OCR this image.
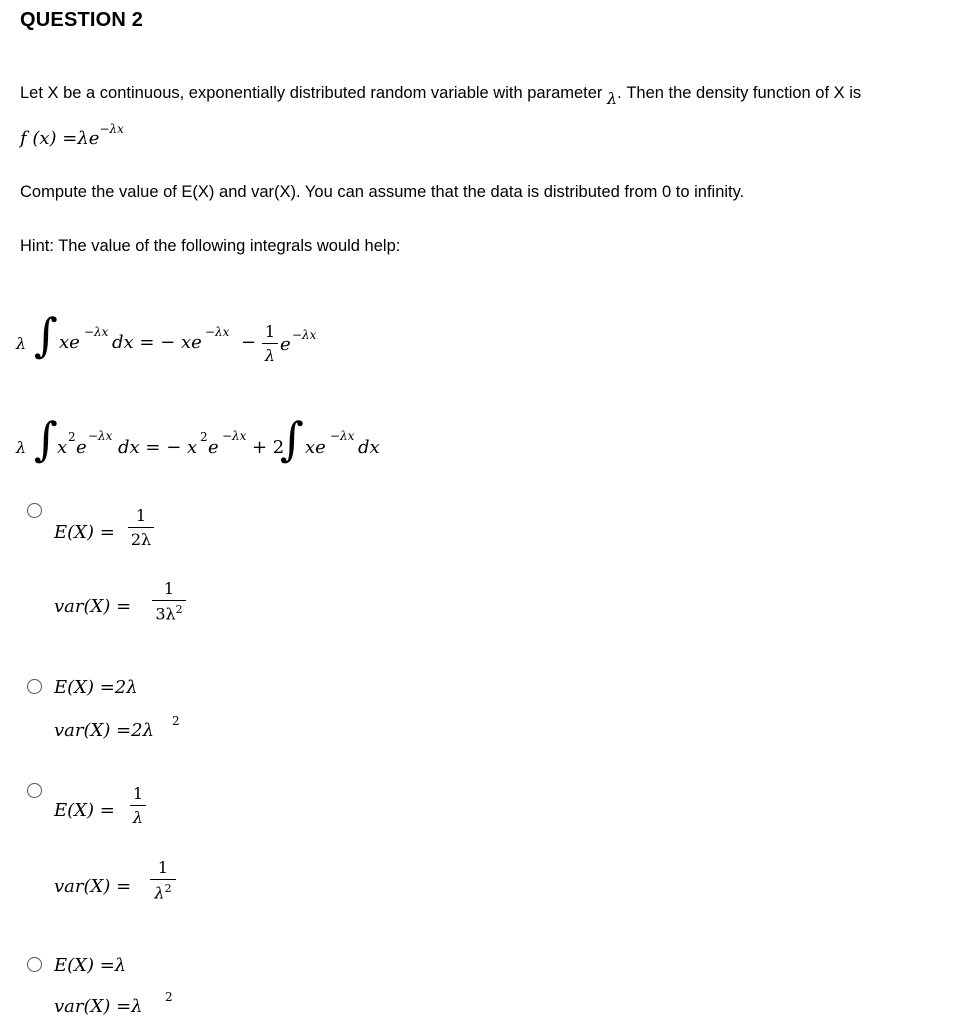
QUESTION 2
Let X be a continuous, exponentially distributed random variable with parameter λ. Then the density function of X is
f $(x) =\lambda e^{-\lambda x}$
Compute the value of E(X) and var(X). You can assume that the data is distributed from 0 to infinity.
Hint: The value of the following integrals would help:
λ ∫ xe −λx dx = − xe −λx −
1
λ
e −λx
λ ∫ x 2 e
−λx
dx = − x 2 e
−λx
+ 2
∫ xe
−λx
dx
E(X) =
1
2λ
var(X) =
1
$3\lambda^2$
E(X) =2λ
var(X) =2λ 2
E(X) =
1
λ
var(X) =
1
$\lambda^2$
E(X) =λ
var(X) =λ 2
